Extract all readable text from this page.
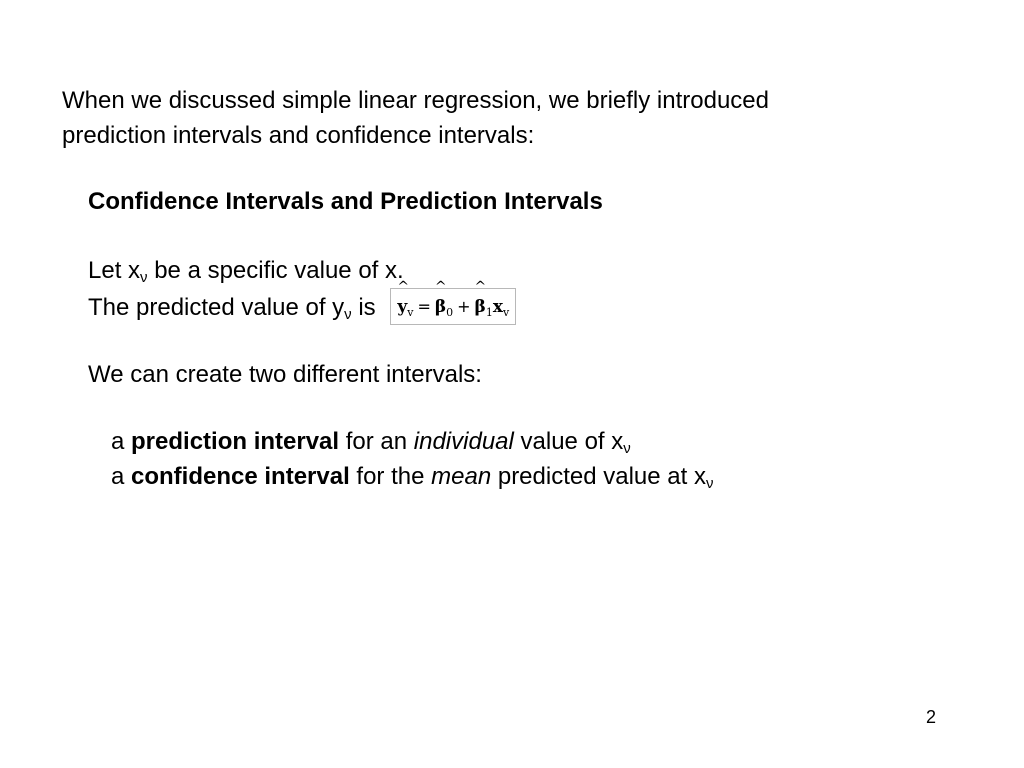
When we discussed simple linear regression, we briefly introduced
prediction intervals and confidence intervals:
Confidence Intervals and Prediction Intervals
Let $x_\nu$ be a specific value of x.
The predicted value of $y_\nu$ is
^
$y_v$ =
^
$\beta_0$ +
^
$\beta_1x_v$
We can create two different intervals:
a prediction interval for an individual value of $x_\nu$
a confidence interval for the mean predicted value at $x_\nu$
2
